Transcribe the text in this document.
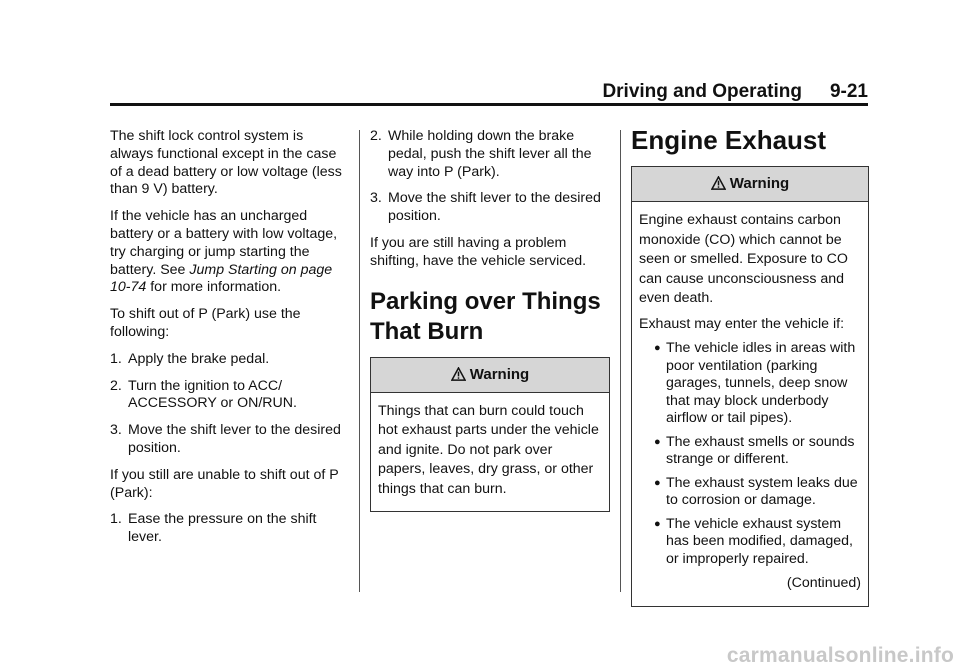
Driving and Operating 9-21

The shift lock control system is always functional except in the case of a dead battery or low voltage (less than 9 V) battery.

If the vehicle has an uncharged battery or a battery with low voltage, try charging or jump starting the battery. See Jump Starting on page 10-74 for more information.

To shift out of P (Park) use the following:

1. Apply the brake pedal.
2. Turn the ignition to ACC/ ACCESSORY or ON/RUN.
3. Move the shift lever to the desired position.

If you still are unable to shift out of P (Park):

1. Ease the pressure on the shift lever.
2. While holding down the brake pedal, push the shift lever all the way into P (Park).
3. Move the shift lever to the desired position.

If you are still having a problem shifting, have the vehicle serviced.

Parking over Things That Burn
Warning

Things that can burn could touch hot exhaust parts under the vehicle and ignite. Do not park over papers, leaves, dry grass, or other things that can burn.

Engine Exhaust
Warning

Engine exhaust contains carbon monoxide (CO) which cannot be seen or smelled. Exposure to CO can cause unconsciousness and even death.

Exhaust may enter the vehicle if:

● The vehicle idles in areas with poor ventilation (parking garages, tunnels, deep snow that may block underbody airflow or tail pipes).
● The exhaust smells or sounds strange or different.
● The exhaust system leaks due to corrosion or damage.
● The vehicle exhaust system has been modified, damaged, or improperly repaired.

(Continued)

carmanualsonline.info
